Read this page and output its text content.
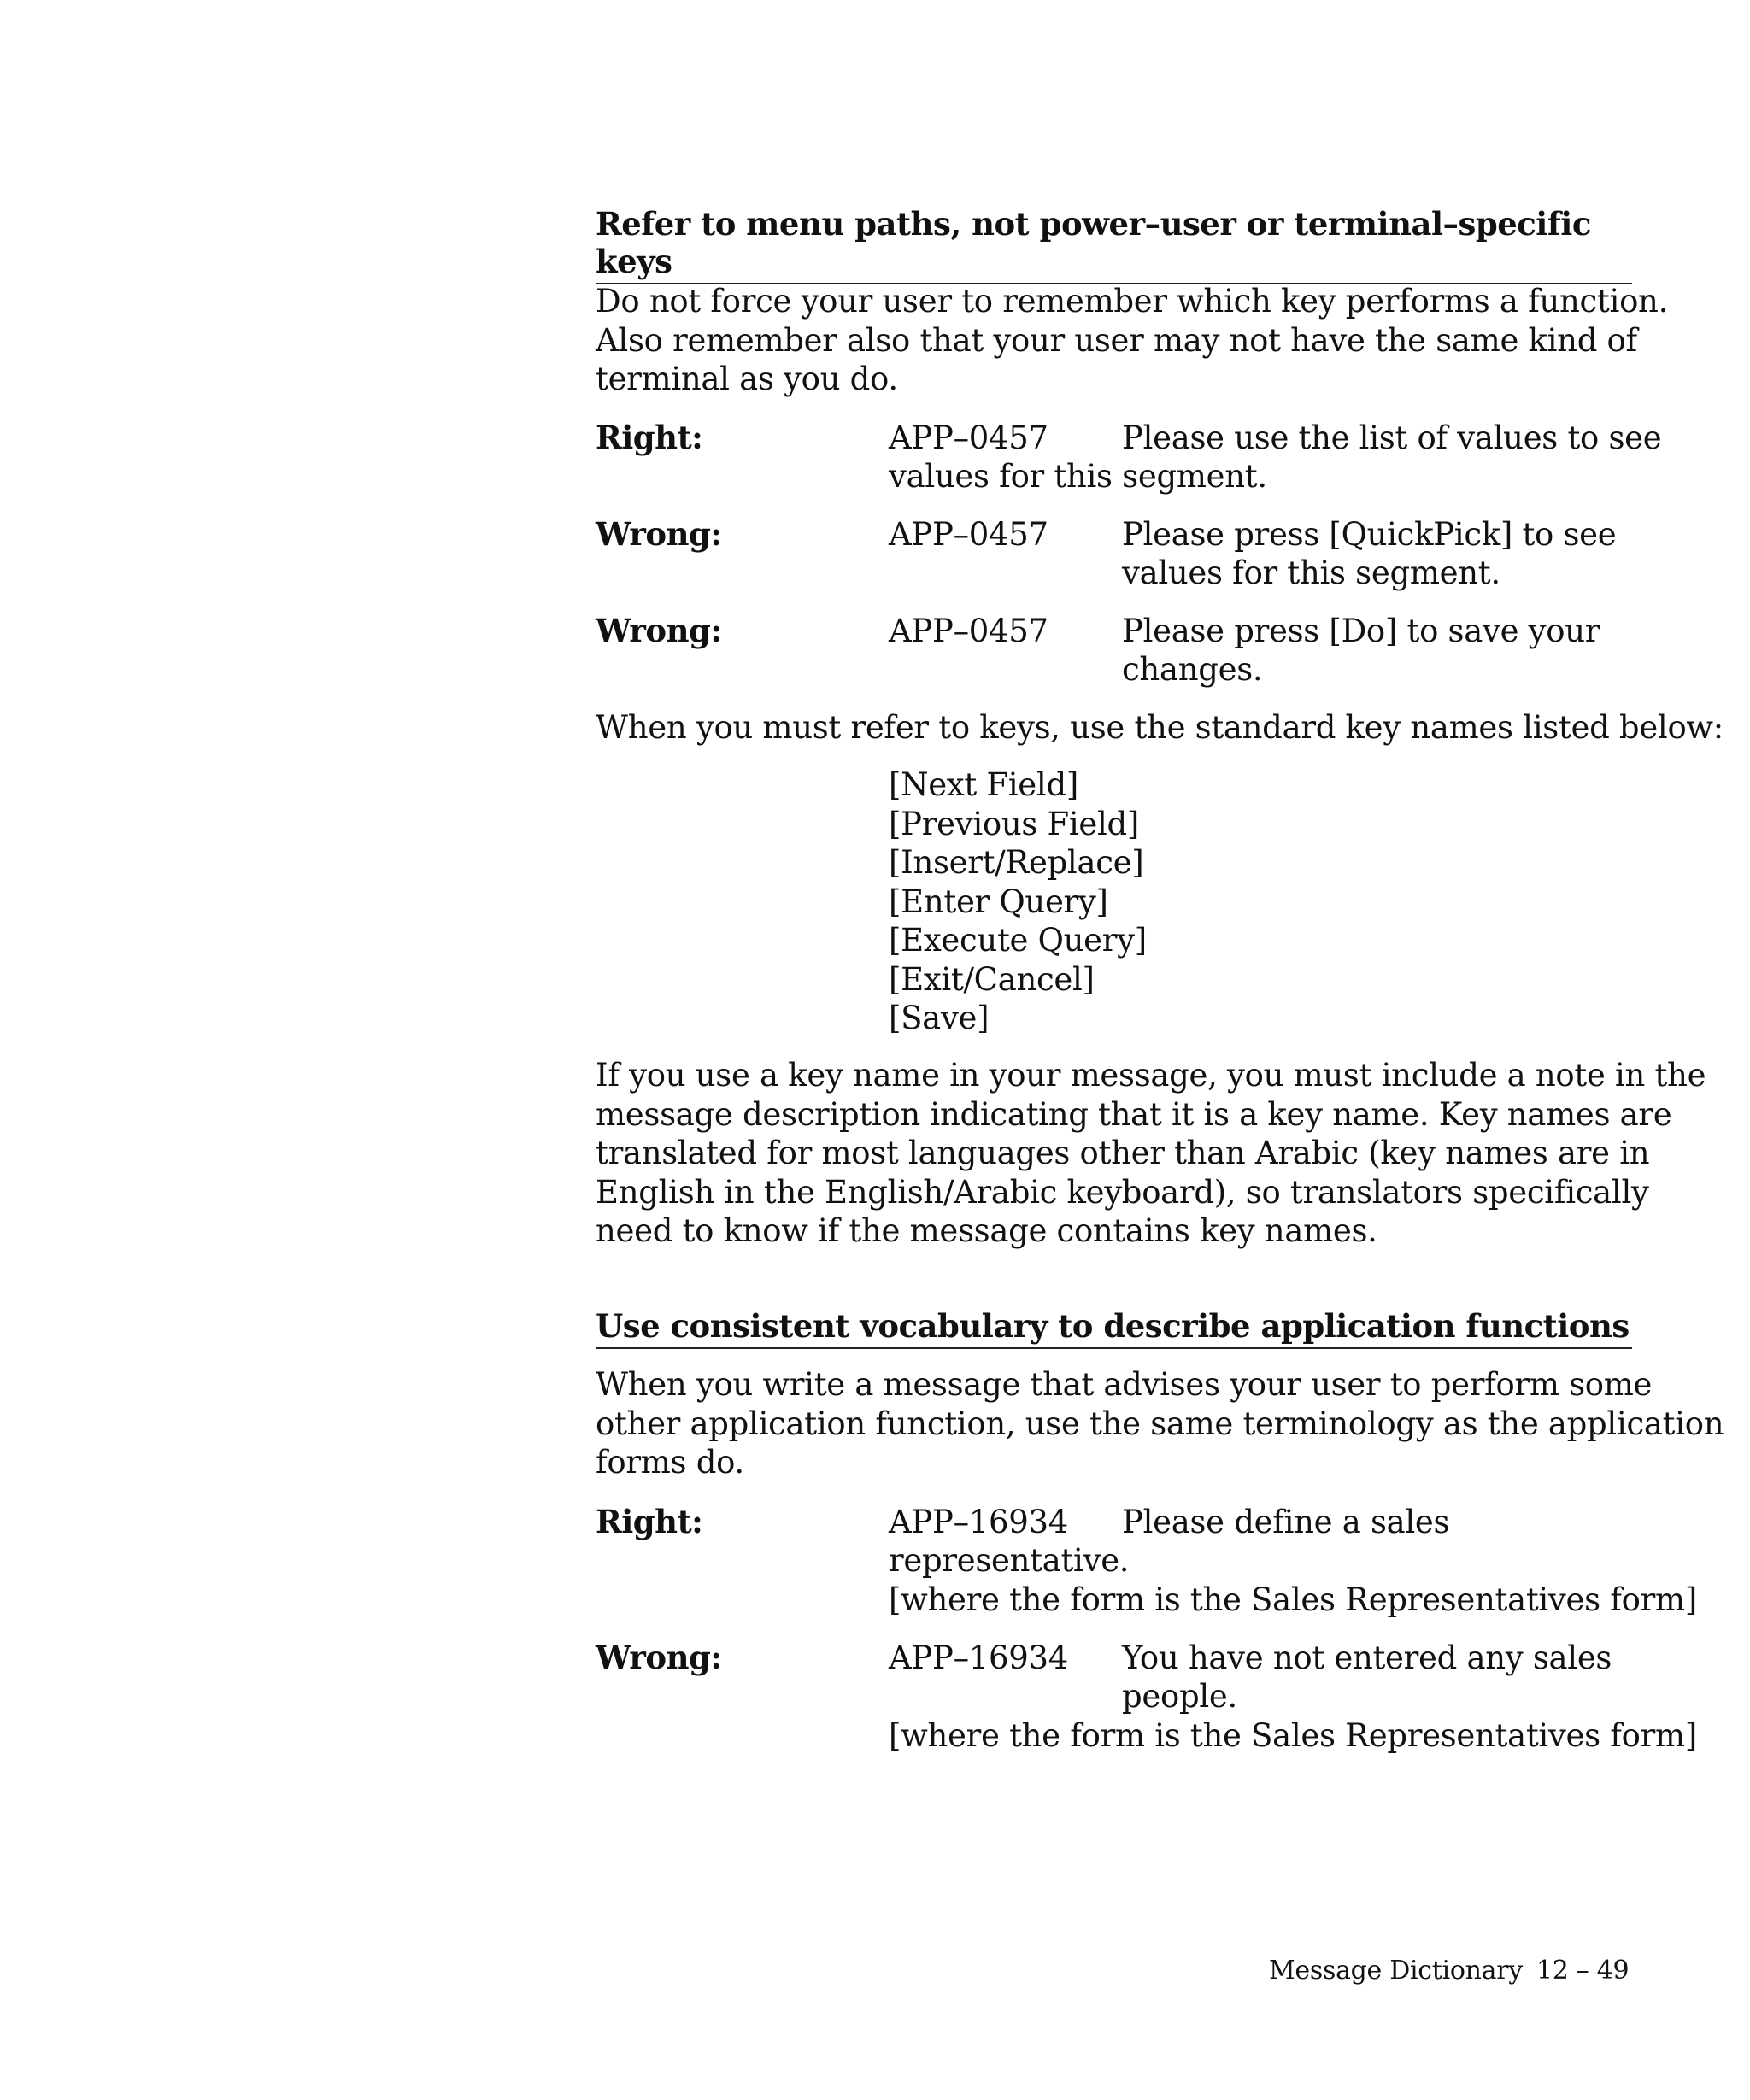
Refer to menu paths, not power–user or terminal–specific keys
Do not force your user to remember which key performs a function.
Also remember also that your user may not have the same kind of
terminal as you do.
Right:	APP–0457 Please use the list of values to see
values for this segment.
Wrong:	APP–0457 Please press [QuickPick] to see
values for this segment.
Wrong:	APP–0457 Please press [Do] to save your
changes.
When you must refer to keys, use the standard key names listed below:
[Next Field]
[Previous Field]
[Insert/Replace]
[Enter Query]
[Execute Query]
[Exit/Cancel]
[Save]
If you use a key name in your message, you must include a note in the
message description indicating that it is a key name. Key names are
translated for most languages other than Arabic (key names are in
English in the English/Arabic keyboard), so translators specifically
need to know if the message contains key names.
Use consistent vocabulary to describe application functions
When you write a message that advises your user to perform some
other application function, use the same terminology as the application
forms do.
Right:	APP–16934 Please define a sales
representative.
[where the form is the Sales Representatives form]
Wrong:	APP–16934 You have not entered any sales
people.
[where the form is the Sales Representatives form]
Message Dictionary 12 – 49
